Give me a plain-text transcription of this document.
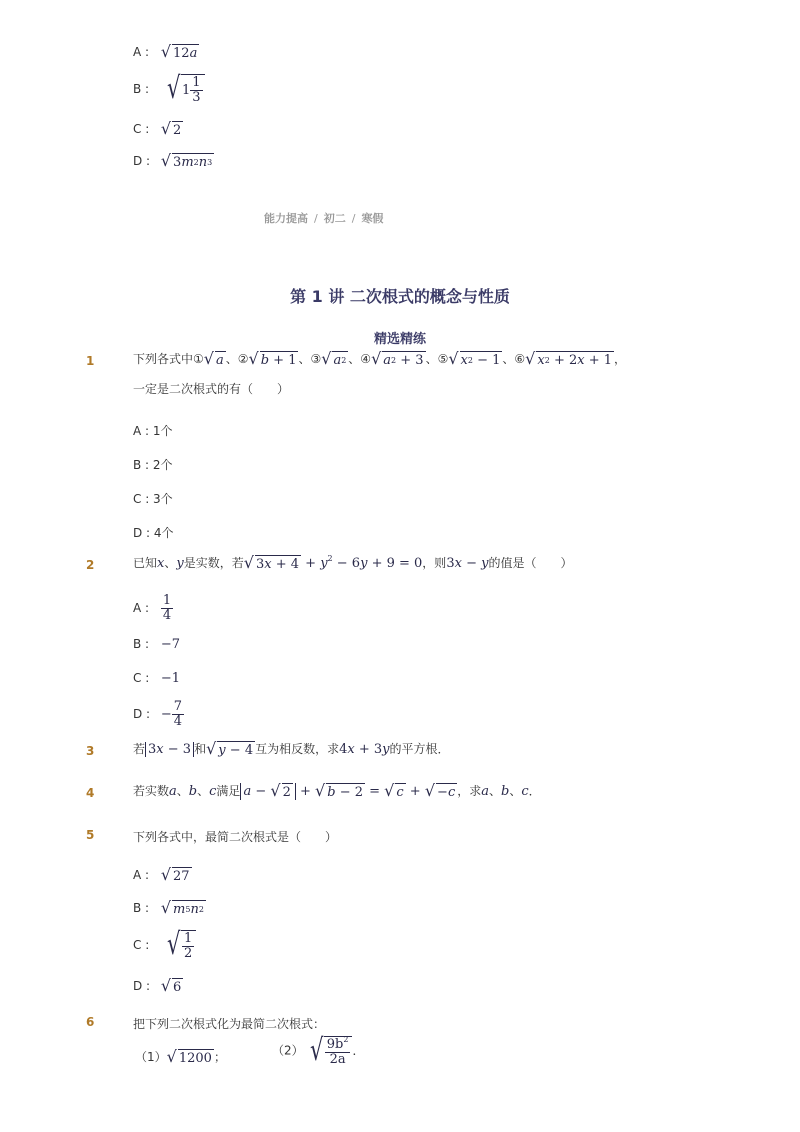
A : √ 12 a
B : √ $1 \frac{1}{3}$
C : √ 2
D : √ 3 m 2 n 3
能力提高 / 初二 / 寒假
第 1 讲 二次根式的概念与性质
精选精练
1	下列各式中① √ a 、② √ b + 1 、③ √ a 2 、④ √ a 2 + 3 、⑤ √ x 2 − 1 、⑥ √ x 2 + 2 x + 1 ，
一定是二次根式的有（　　）
A : 1个
B : 2个
C : 3个
D : 4个
2	已知x、y是实数，若 √ 3 $x + 4 + y^2 - 6y + 9 = 0$，则3x − y的值是（　　）
A : $\frac{1}{4}$
B : −7
C : −1
D : − $\frac{7}{4}$
3	若 3x − 3 和 √ y − 4 互为相反数，求4x + 3y的平方根．
4	若实数a、b、c满足 a − √ 2 + √ b − 2 = √ c + √ − c ，求a、b、c．
5	下列各式中，最简二次根式是（　　）
A : √ 27
B : √ m 5 n 2
C : √ $\frac{1}{2}$
D : √ 6
6	把下列二次根式化为最简二次根式：
（1） √ 1200 ；	（2） √ $\frac{9b^2}{2a}$ ．
